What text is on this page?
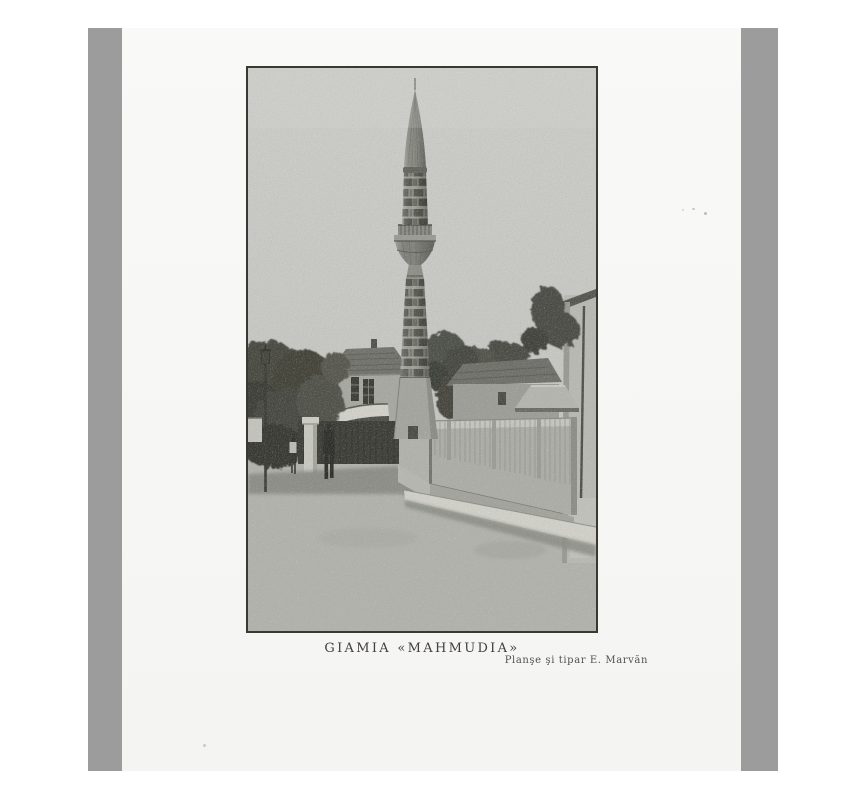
GIAMIA «MAHMUDIA»
Planşe şi tipar E. Marvăn
